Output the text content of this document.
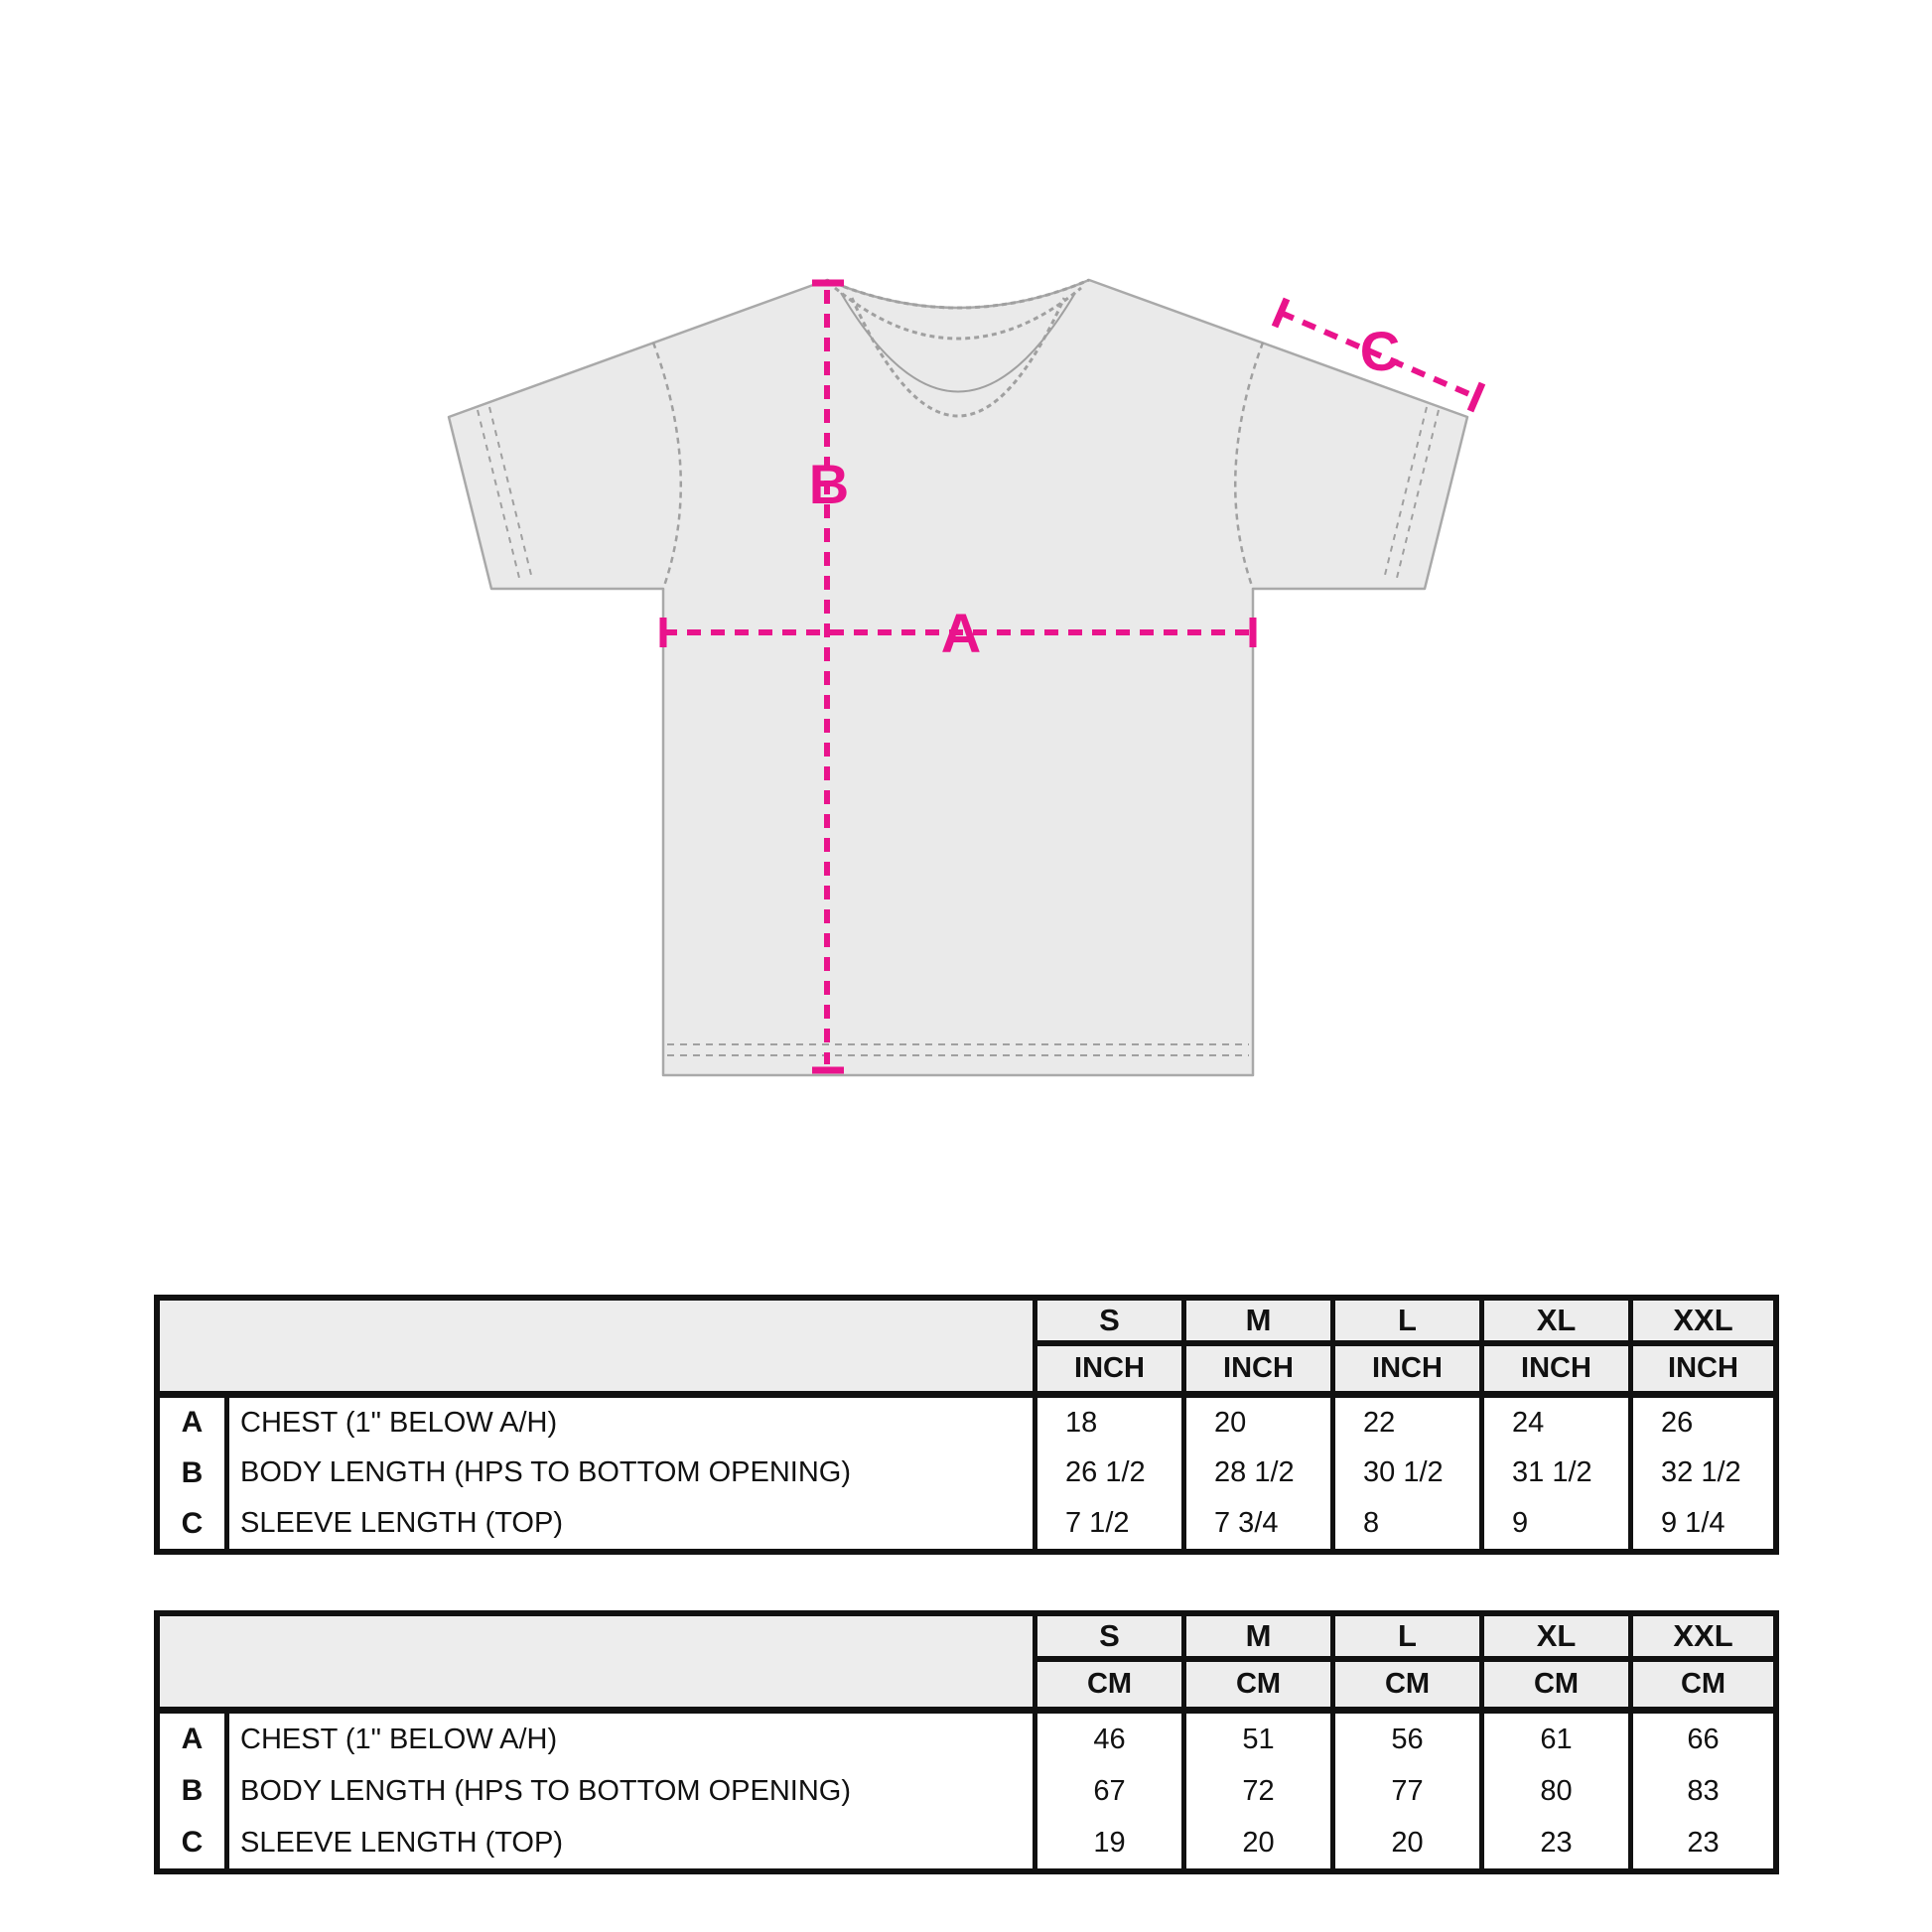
A
B
C
S	M	L	XL	XXL
INCH	INCH	INCH	INCH	INCH
A	CHEST (1" BELOW A/H)	18	20	22	24	26
B	BODY LENGTH (HPS TO BOTTOM OPENING)	26 1/2	28 1/2	30 1/2	31 1/2	32 1/2
C	SLEEVE LENGTH (TOP)	7 1/2	7 3/4	8	9	9 1/4
S	M	L	XL	XXL
CM	CM	CM	CM	CM
A	CHEST (1" BELOW A/H)	46	51	56	61	66
B	BODY LENGTH (HPS TO BOTTOM OPENING)	67	72	77	80	83
C	SLEEVE LENGTH (TOP)	19	20	20	23	23
